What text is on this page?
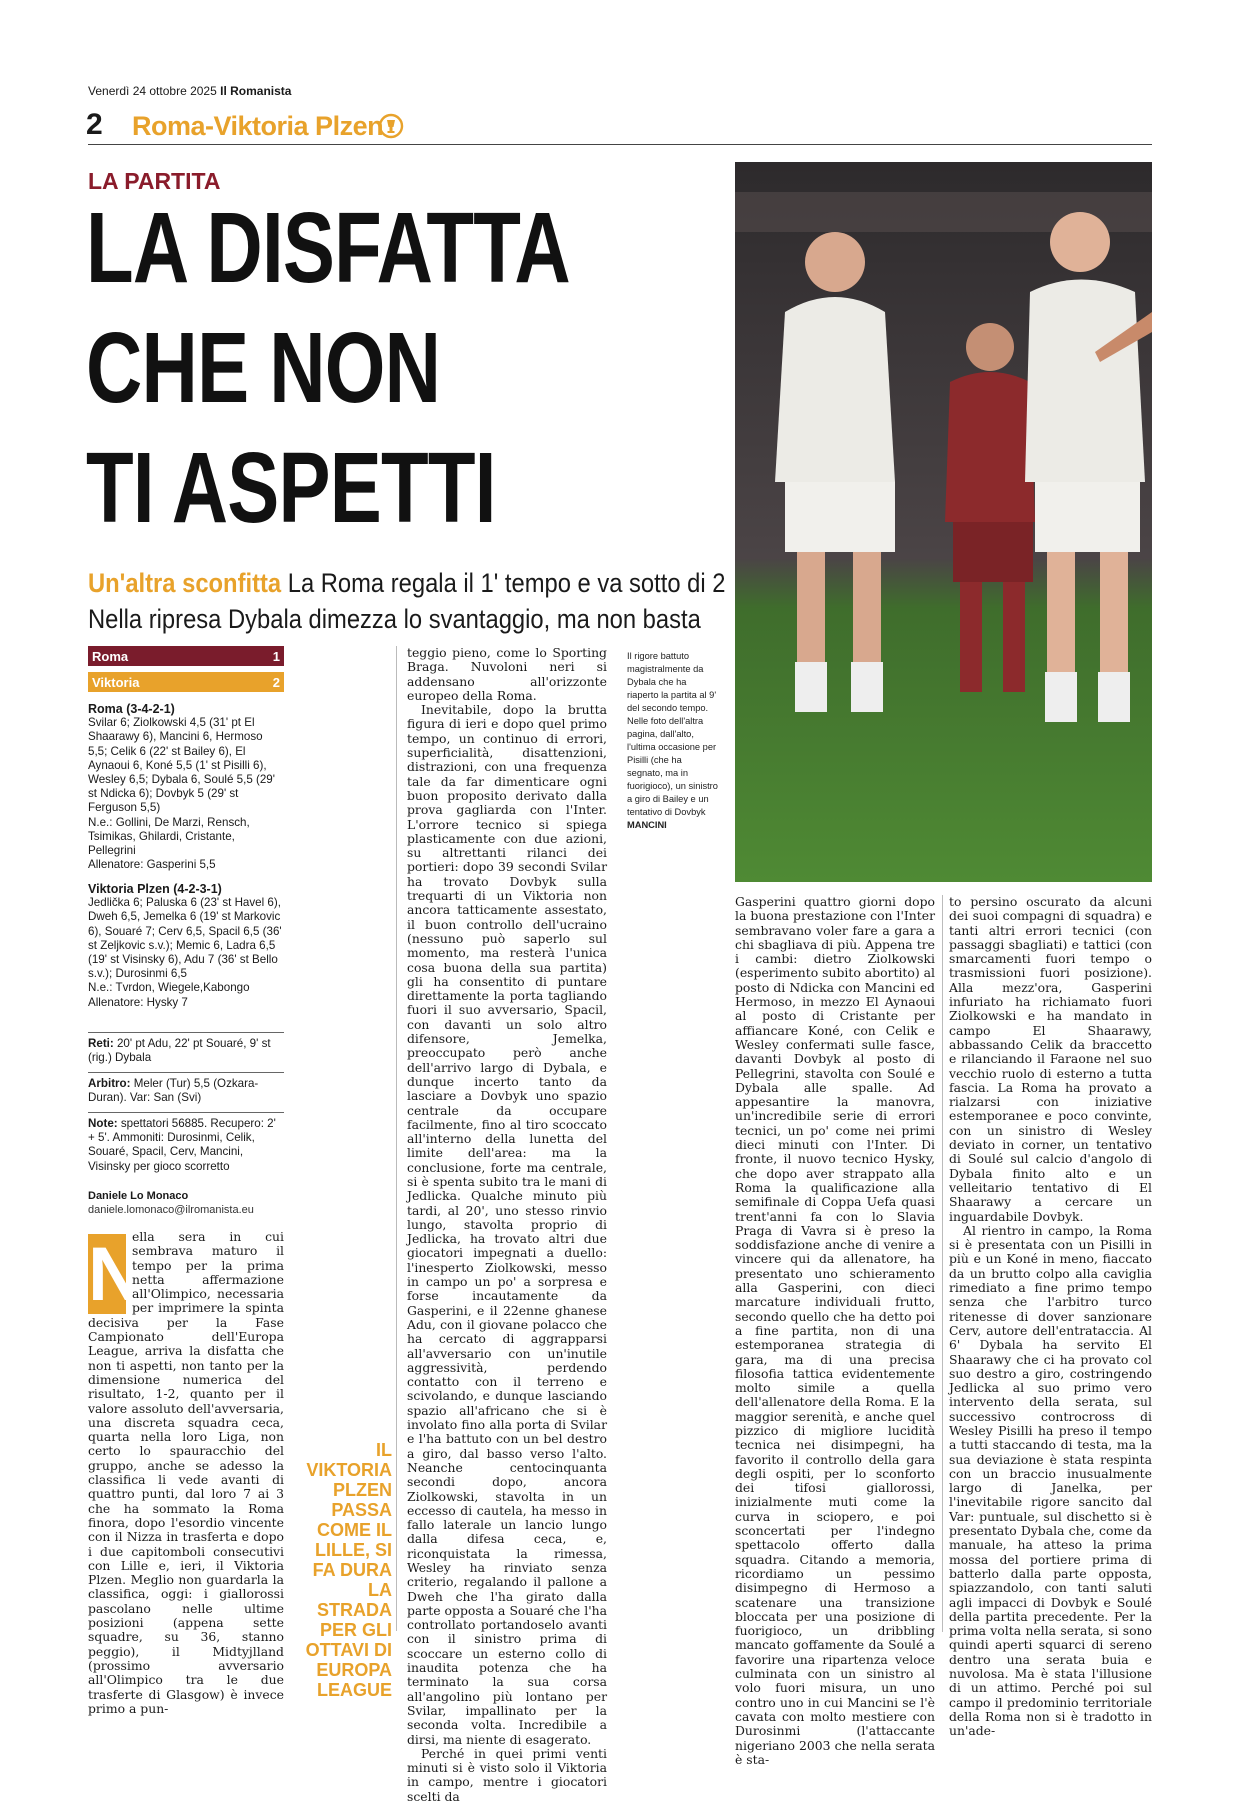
Venerdì 24 ottobre 2025 Il Romanista
2 Roma-Viktoria Plzen
LA PARTITA
LA DISFATTA
CHE NON
TI ASPETTI
Un'altra sconfitta La Roma regala il 1' tempo e va sotto di 2
Nella ripresa Dybala dimezza lo svantaggio, ma non basta
Roma	1
Viktoria	2
Roma (3-4-2-1)
Svilar 6; Ziolkowski 4,5 (31' pt El Shaarawy 6), Mancini 6, Hermoso 5,5; Celik 6 (22' st Bailey 6), El Aynaoui 6, Koné 5,5 (1' st Pisilli 6), Wesley 6,5; Dybala 6, Soulé 5,5 (29' st Ndicka 6); Dovbyk 5 (29' st Ferguson 5,5)
N.e.: Gollini, De Marzi, Rensch, Tsimikas, Ghilardi, Cristante, Pellegrini
Allenatore: Gasperini 5,5
Viktoria Plzen (4-2-3-1)
Jedlička 6; Paluska 6 (23' st Havel 6), Dweh 6,5, Jemelka 6 (19' st Markovic 6), Souaré 7; Cerv 6,5, Spacil 6,5 (36' st Zeljkovic s.v.); Memic 6, Ladra 6,5 (19' st Visinsky 6), Adu 7 (36' st Bello s.v.); Durosinmi 6,5
N.e.: Tvrdon, Wiegele,Kabongo
Allenatore: Hysky 7
Reti: 20' pt Adu, 22' pt Souaré, 9' st (rig.) Dybala
Arbitro: Meler (Tur) 5,5 (Ozkara-Duran). Var: San (Svi)
Note: spettatori 56885. Recupero: 2' + 5'. Ammoniti: Durosinmi, Celik, Souaré, Spacil, Cerv, Mancini, Visinsky per gioco scorretto
Daniele Lo Monaco
daniele.lomonaco@ilromanista.eu
N

ella sera in cui sembrava maturo il tempo per la prima netta affermazione all'Olimpico, necessaria per imprimere la spinta decisiva per la Fase Campionato dell'Europa League, arriva la disfatta che non ti aspetti, non tanto per la dimensione numerica del risultato, 1-2, quanto per il valore assoluto dell'avversaria, una discreta squadra ceca, quarta nella loro Liga, non certo lo spauracchio del gruppo, anche se adesso la classifica li vede avanti di quattro punti, dal loro 7 ai 3 che ha sommato la Roma finora, dopo l'esordio vincente con il Nizza in trasferta e dopo i due capitomboli consecutivi con Lille e, ieri, il Viktoria Plzen. Meglio non guardarla la classifica, oggi: i giallorossi pascolano nelle ultime posizioni (appena sette squadre, su 36, stanno peggio), il Midtyjlland (prossimo avversario all'Olimpico tra le due trasferte di Glasgow) è invece primo a pun-

IL VIKTORIA PLZEN PASSA COME IL LILLE, SI FA DURA LA STRADA PER GLI OTTAVI DI EUROPA LEAGUE

teggio pieno, come lo Sporting Braga. Nuvoloni neri si addensano all'orizzonte europeo della Roma.

Inevitabile, dopo la brutta figura di ieri e dopo quel primo tempo, un continuo di errori, superficialità, disattenzioni, distrazioni, con una frequenza tale da far dimenticare ogni buon proposito derivato dalla prova gagliarda con l'Inter. L'orrore tecnico si spiega plasticamente con due azioni, su altrettanti rilanci dei portieri: dopo 39 secondi Svilar ha trovato Dovbyk sulla trequarti di un Viktoria non ancora tatticamente assestato, il buon controllo dell'ucraino (nessuno può saperlo sul momento, ma resterà l'unica cosa buona della sua partita) gli ha consentito di puntare direttamente la porta tagliando fuori il suo avversario, Spacil, con davanti un solo altro difensore, Jemelka, preoccupato però anche dell'arrivo largo di Dybala, e dunque incerto tanto da lasciare a Dovbyk uno spazio centrale da occupare facilmente, fino al tiro scoccato all'interno della lunetta del limite dell'area: ma la conclusione, forte ma centrale, si è spenta subito tra le mani di Jedlicka. Qualche minuto più tardi, al 20', uno stesso rinvio lungo, stavolta proprio di Jedlicka, ha trovato altri due giocatori impegnati a duello: l'inesperto Ziolkowski, messo in campo un po' a sorpresa e forse incautamente da Gasperini, e il 22enne ghanese Adu, con il giovane polacco che ha cercato di aggrapparsi all'avversario con un'inutile aggressività, perdendo contatto con il terreno e scivolando, e dunque lasciando spazio all'africano che si è involato fino alla porta di Svilar e l'ha battuto con un bel destro a giro, dal basso verso l'alto. Neanche centocinquanta secondi dopo, ancora Ziolkowski, stavolta in un eccesso di cautela, ha messo in fallo laterale un lancio lungo dalla difesa ceca, e, riconquistata la rimessa, Wesley ha rinviato senza criterio, regalando il pallone a Dweh che l'ha girato dalla parte opposta a Souaré che l'ha controllato portandoselo avanti con il sinistro prima di scoccare un esterno collo di inaudita potenza che ha terminato la sua corsa all'angolino più lontano per Svilar, impallinato per la seconda volta. Incredibile a dirsi, ma niente di esagerato.

Perché in quei primi venti minuti si è visto solo il Viktoria in campo, mentre i giocatori scelti da

Il rigore battuto magistralmente da Dybala che ha riaperto la partita al 9' del secondo tempo. Nelle foto dell'altra pagina, dall'alto, l'ultima occasione per Pisilli (che ha segnato, ma in fuorigioco), un sinistro a giro di Bailey e un tentativo di Dovbyk
MANCINI

Gasperini quattro giorni dopo la buona prestazione con l'Inter sembravano voler fare a gara a chi sbagliava di più. Appena tre i cambi: dietro Ziolkowski (esperimento subito abortito) al posto di Ndicka con Mancini ed Hermoso, in mezzo El Aynaoui al posto di Cristante per affiancare Koné, con Celik e Wesley confermati sulle fasce, davanti Dovbyk al posto di Pellegrini, stavolta con Soulé e Dybala alle spalle. Ad appesantire la manovra, un'incredibile serie di errori tecnici, un po' come nei primi dieci minuti con l'Inter. Di fronte, il nuovo tecnico Hysky, che dopo aver strappato alla Roma la qualificazione alla semifinale di Coppa Uefa quasi trent'anni fa con lo Slavia Praga di Vavra si è preso la soddisfazione anche di venire a vincere qui da allenatore, ha presentato uno schieramento alla Gasperini, con dieci marcature individuali frutto, secondo quello che ha detto poi a fine partita, non di una estemporanea strategia di gara, ma di una precisa filosofia tattica evidentemente molto simile a quella dell'allenatore della Roma. E la maggior serenità, e anche quel pizzico di migliore lucidità tecnica nei disimpegni, ha favorito il controllo della gara degli ospiti, per lo sconforto dei tifosi giallorossi, inizialmente muti come la curva in sciopero, e poi sconcertati per l'indegno spettacolo offerto dalla squadra. Citando a memoria, ricordiamo un pessimo disimpegno di Hermoso a scatenare una transizione bloccata per una posizione di fuorigioco, un dribbling mancato goffamente da Soulé a favorire una ripartenza veloce culminata con un sinistro al volo fuori misura, un uno contro uno in cui Mancini se l'è cavata con molto mestiere con Durosinmi (l'attaccante nigeriano 2003 che nella serata è sta-

to persino oscurato da alcuni dei suoi compagni di squadra) e tanti altri errori tecnici (con passaggi sbagliati) e tattici (con smarcamenti fuori tempo o trasmissioni fuori posizione). Alla mezz'ora, Gasperini infuriato ha richiamato fuori Ziolkowski e ha mandato in campo El Shaarawy, abbassando Celik da braccetto e rilanciando il Faraone nel suo vecchio ruolo di esterno a tutta fascia. La Roma ha provato a rialzarsi con iniziative estemporanee e poco convinte, con un sinistro di Wesley deviato in corner, un tentativo di Soulé sul calcio d'angolo di Dybala finito alto e un velleitario tentativo di El Shaarawy a cercare un inguardabile Dovbyk.

Al rientro in campo, la Roma si è presentata con un Pisilli in più e un Koné in meno, fiaccato da un brutto colpo alla caviglia rimediato a fine primo tempo senza che l'arbitro turco ritenesse di dover sanzionare Cerv, autore dell'entrataccia. Al 6' Dybala ha servito El Shaarawy che ci ha provato col suo destro a giro, costringendo Jedlicka al suo primo vero intervento della serata, sul successivo controcross di Wesley Pisilli ha preso il tempo a tutti staccando di testa, ma la sua deviazione è stata respinta con un braccio inusualmente largo di Janelka, per l'inevitabile rigore sancito dal Var: puntuale, sul dischetto si è presentato Dybala che, come da manuale, ha atteso la prima mossa del portiere prima di batterlo dalla parte opposta, spiazzandolo, con tanti saluti agli impacci di Dovbyk e Soulé della partita precedente. Per la prima volta nella serata, si sono quindi aperti squarci di sereno dentro una serata buia e nuvolosa. Ma è stata l'illusione di un attimo. Perché poi sul campo il predominio territoriale della Roma non si è tradotto in un'ade-
